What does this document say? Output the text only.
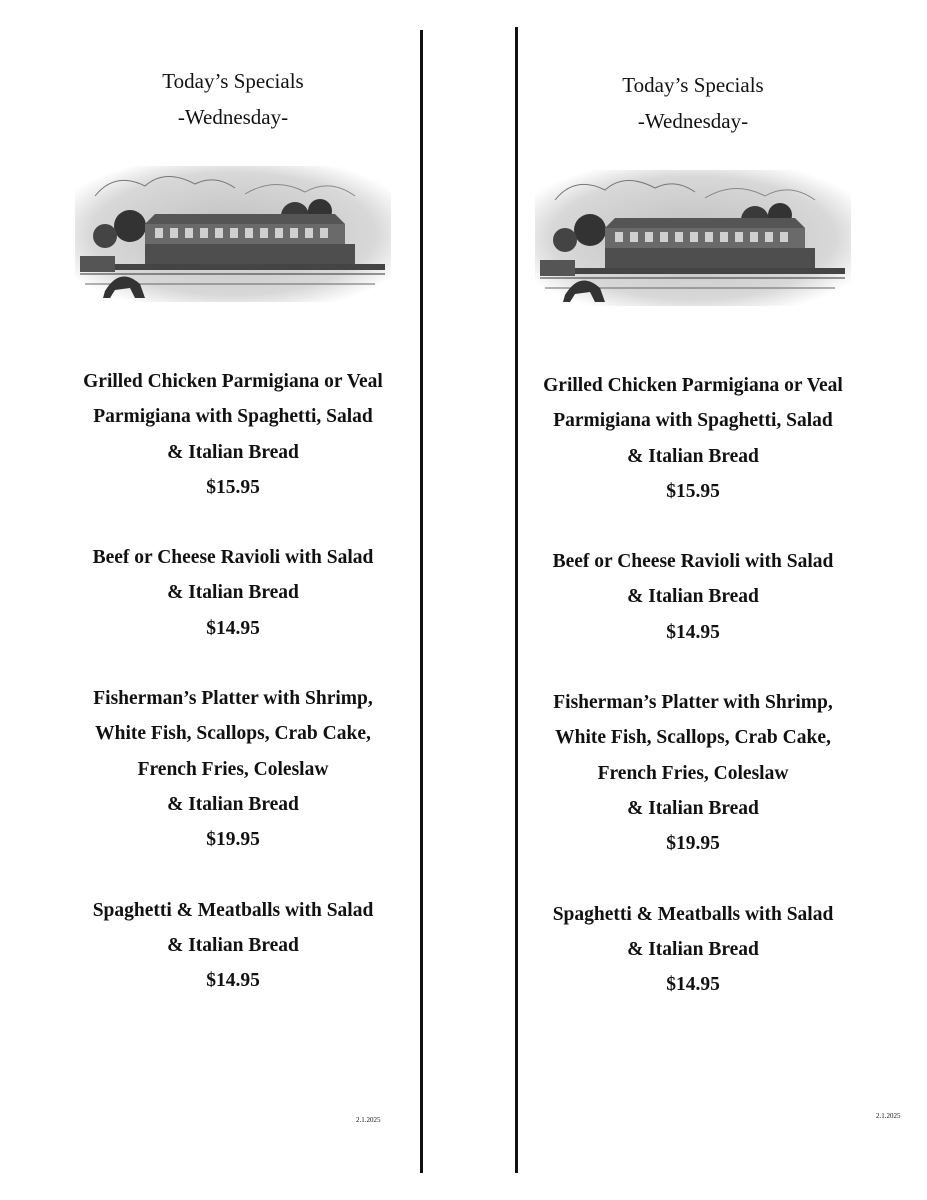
Today’s Specials
-Wednesday-
Grilled Chicken Parmigiana or Veal
Parmigiana with Spaghetti, Salad
& Italian Bread
$15.95
Beef or Cheese Ravioli with Salad
& Italian Bread
$14.95
Fisherman’s Platter with Shrimp,
White Fish, Scallops, Crab Cake,
French Fries, Coleslaw
& Italian Bread
$19.95
Spaghetti & Meatballs with Salad
& Italian Bread
$14.95
Today’s Specials
-Wednesday-
Grilled Chicken Parmigiana or Veal
Parmigiana with Spaghetti, Salad
& Italian Bread
$15.95
Beef or Cheese Ravioli with Salad
& Italian Bread
$14.95
Fisherman’s Platter with Shrimp,
White Fish, Scallops, Crab Cake,
French Fries, Coleslaw
& Italian Bread
$19.95
Spaghetti & Meatballs with Salad
& Italian Bread
$14.95
2.1.2025	2.1.2025
